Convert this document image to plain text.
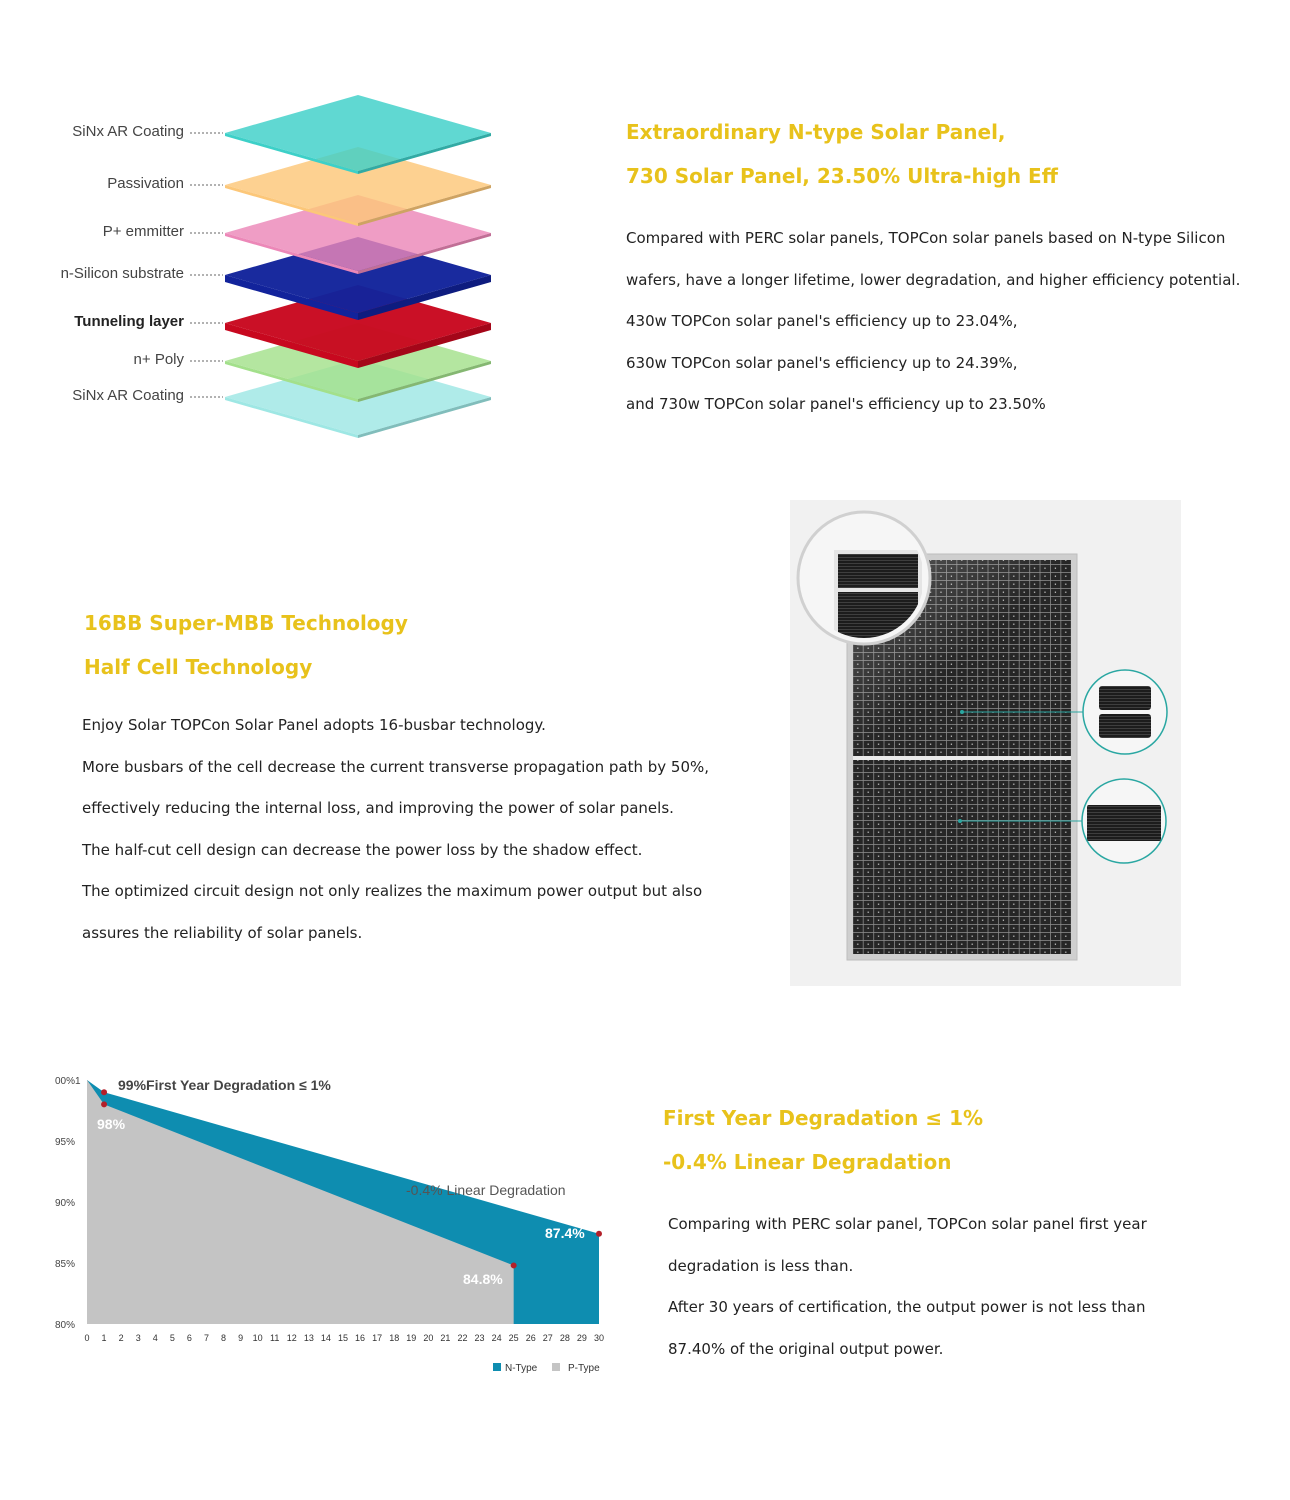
SiNx AR Coating
Passivation
P+ emmitter
n-Silicon substrate
Tunneling layer
n+ Poly
SiNx AR Coating
Extraordinary N-type Solar Panel,
730 Solar Panel, 23.50% Ultra-high Eff
Compared with PERC solar panels, TOPCon solar panels based on N-type Silicon
wafers, have a longer lifetime, lower degradation, and higher efficiency potential.
430w TOPCon solar panel's efficiency up to 23.04%,
630w TOPCon solar panel's efficiency up to 24.39%,
and 730w TOPCon solar panel's efficiency up to 23.50%
16BB Super-MBB Technology
Half Cell Technology
Enjoy Solar TOPCon Solar Panel adopts 16-busbar technology.
More busbars of the cell decrease the current transverse propagation path by 50%,
effectively reducing the internal loss, and improving the power of solar panels.
The half-cut cell design can decrease the power loss by the shadow effect.
The optimized circuit design not only realizes the maximum power output but also
assures the reliability of solar panels.
00%1
95%
90%
85%
80%
0 1 2 3 4 5 6 7 8 9 10 11 12 13 14 15 16 17 18 19 20 21 22 23 24 25 26 27 28 29 30
99%First Year Degradation ≤ 1%
98%
-0.4% Linear Degradation
87.4%
84.8%
N-Type	P-Type
First Year Degradation ≤ 1%
-0.4% Linear Degradation
Comparing with PERC solar panel, TOPCon solar panel first year
degradation is less than.
After 30 years of certification, the output power is not less than
87.40% of the original output power.
